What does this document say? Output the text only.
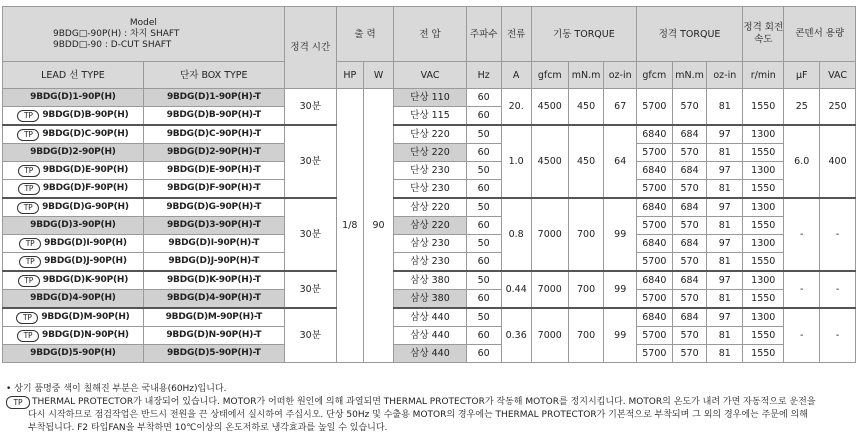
Model
9BDG□-90P(H) : 차지 SHAFT
9BDD□-90 : D-CUT SHAFT		정격 시간	출 력		전 압	주파수	전류	기동 TORQUE			정격 TORQUE			정격 회전속도	콘덴서 용량	
LEAD 선 TYPE	단자 BOX TYPE		HP	W	VAC	Hz	A	gfcm	mN.m	oz-in	gfcm	mN.m	oz-in	r/min	μF	VAC
9BDG(D)1-90P(H)	9BDG(D)1-90P(H)-T	30분	1/8	90	단상 110	60	20.	4500	450	67	5700	570	81	1550	25	250
TP 9BDG(D)B-90P(H)	9BDG(D)B-90P(H)-T				단상 115	60										
TP 9BDG(D)C-90P(H)	9BDG(D)C-90P(H)-T	30분			단상 220	50	1.0	4500	450	64	6840	684	97	1300	6.0	400
9BDG(D)2-90P(H)	9BDG(D)2-90P(H)-T				단상 220	60					5700	570	81	1550		
TP 9BDG(D)E-90P(H)	9BDG(D)E-90P(H)-T				단상 230	50					6840	684	97	1300		
TP 9BDG(D)F-90P(H)	9BDG(D)F-90P(H)-T				단상 230	60					5700	570	81	1550		
TP 9BDG(D)G-90P(H)	9BDG(D)G-90P(H)-T	30분			삼상 220	50	0.8	7000	700	99	6840	684	97	1300	-	-
9BDG(D)3-90P(H)	9BDG(D)3-90P(H)-T				삼상 220	60					5700	570	81	1550		
TP 9BDG(D)I-90P(H)	9BDG(D)I-90P(H)-T				삼상 230	50					6840	684	97	1300		
TP 9BDG(D)J-90P(H)	9BDG(D)J-90P(H)-T				삼상 230	60					5700	570	81	1550		
TP 9BDG(D)K-90P(H)	9BDG(D)K-90P(H)-T	30분			삼상 380	50	0.44	7000	700	99	6840	684	97	1300	-	-
9BDG(D)4-90P(H)	9BDG(D)4-90P(H)-T				삼상 380	60					5700	570	81	1550		
TP 9BDG(D)M-90P(H)	9BDG(D)M-90P(H)-T	30분			삼상 440	50	0.36	7000	700	99	6840	684	97	1300	-	-
TP 9BDG(D)N-90P(H)	9BDG(D)N-90P(H)-T				삼상 440	60					5700	570	81	1550		
9BDG(D)5-90P(H)	9BDG(D)5-90P(H)-T				삼상 440	60					5700	570	81	1550		
• 상기 품명중 색이 칠해진 부분은 국내용(60Hz)입니다.
TP THERMAL PROTECTOR가 내장되어 있습니다. MOTOR가 어떠한 원인에 의해 과열되면 THERMAL PROTECTOR가 작동해 MOTOR를 정지시킵니다. MOTOR의 온도가 내려 가면 자동적으로 운전을
다시 시작하므로 점검작업은 반드시 전원을 끈 상태에서 실시하여 주십시오. 단상 50Hz 및 수출용 MOTOR의 경우에는 THERMAL PROTECTOR가 기본적으로 부착되며 그 외의 경우에는 주문에 의해
부착됩니다. F2 타입FAN을 부착하면 10℃이상의 온도저하로 냉각효과를 높일 수 있습니다.
